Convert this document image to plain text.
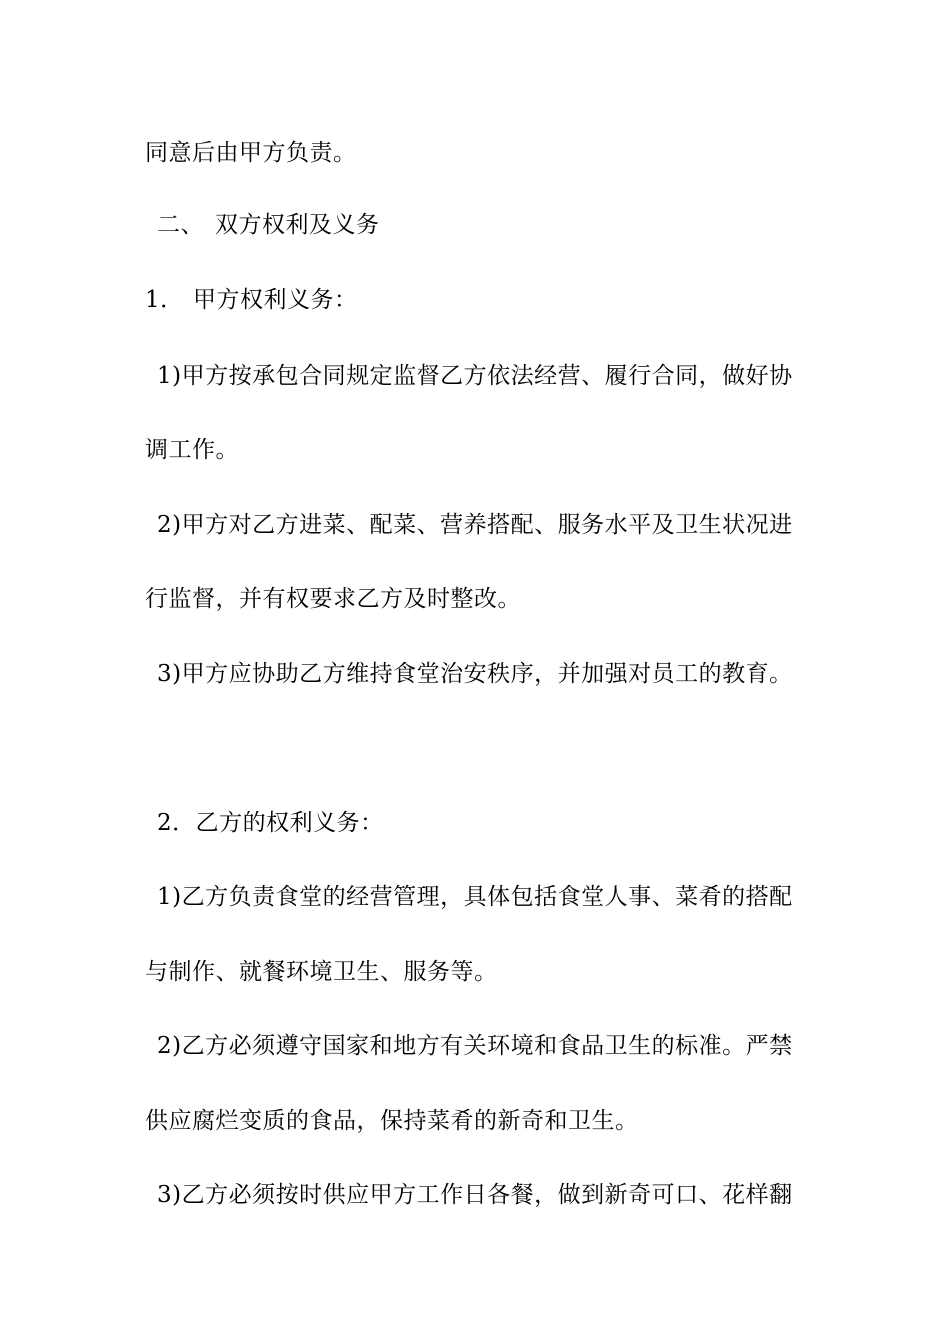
同意后由甲方负责。
二、 双方权利及义务
1． 甲方权利义务：
1)甲方按承包合同规定监督乙方依法经营、履行合同，做好协
调工作。
2)甲方对乙方进菜、配菜、营养搭配、服务水平及卫生状况进
行监督，并有权要求乙方及时整改。
3)甲方应协助乙方维持食堂治安秩序，并加强对员工的教育。
2．乙方的权利义务：
1)乙方负责食堂的经营管理，具体包括食堂人事、菜肴的搭配
与制作、就餐环境卫生、服务等。
2)乙方必须遵守国家和地方有关环境和食品卫生的标准。严禁
供应腐烂变质的食品，保持菜肴的新奇和卫生。
3)乙方必须按时供应甲方工作日各餐，做到新奇可口、花样翻
